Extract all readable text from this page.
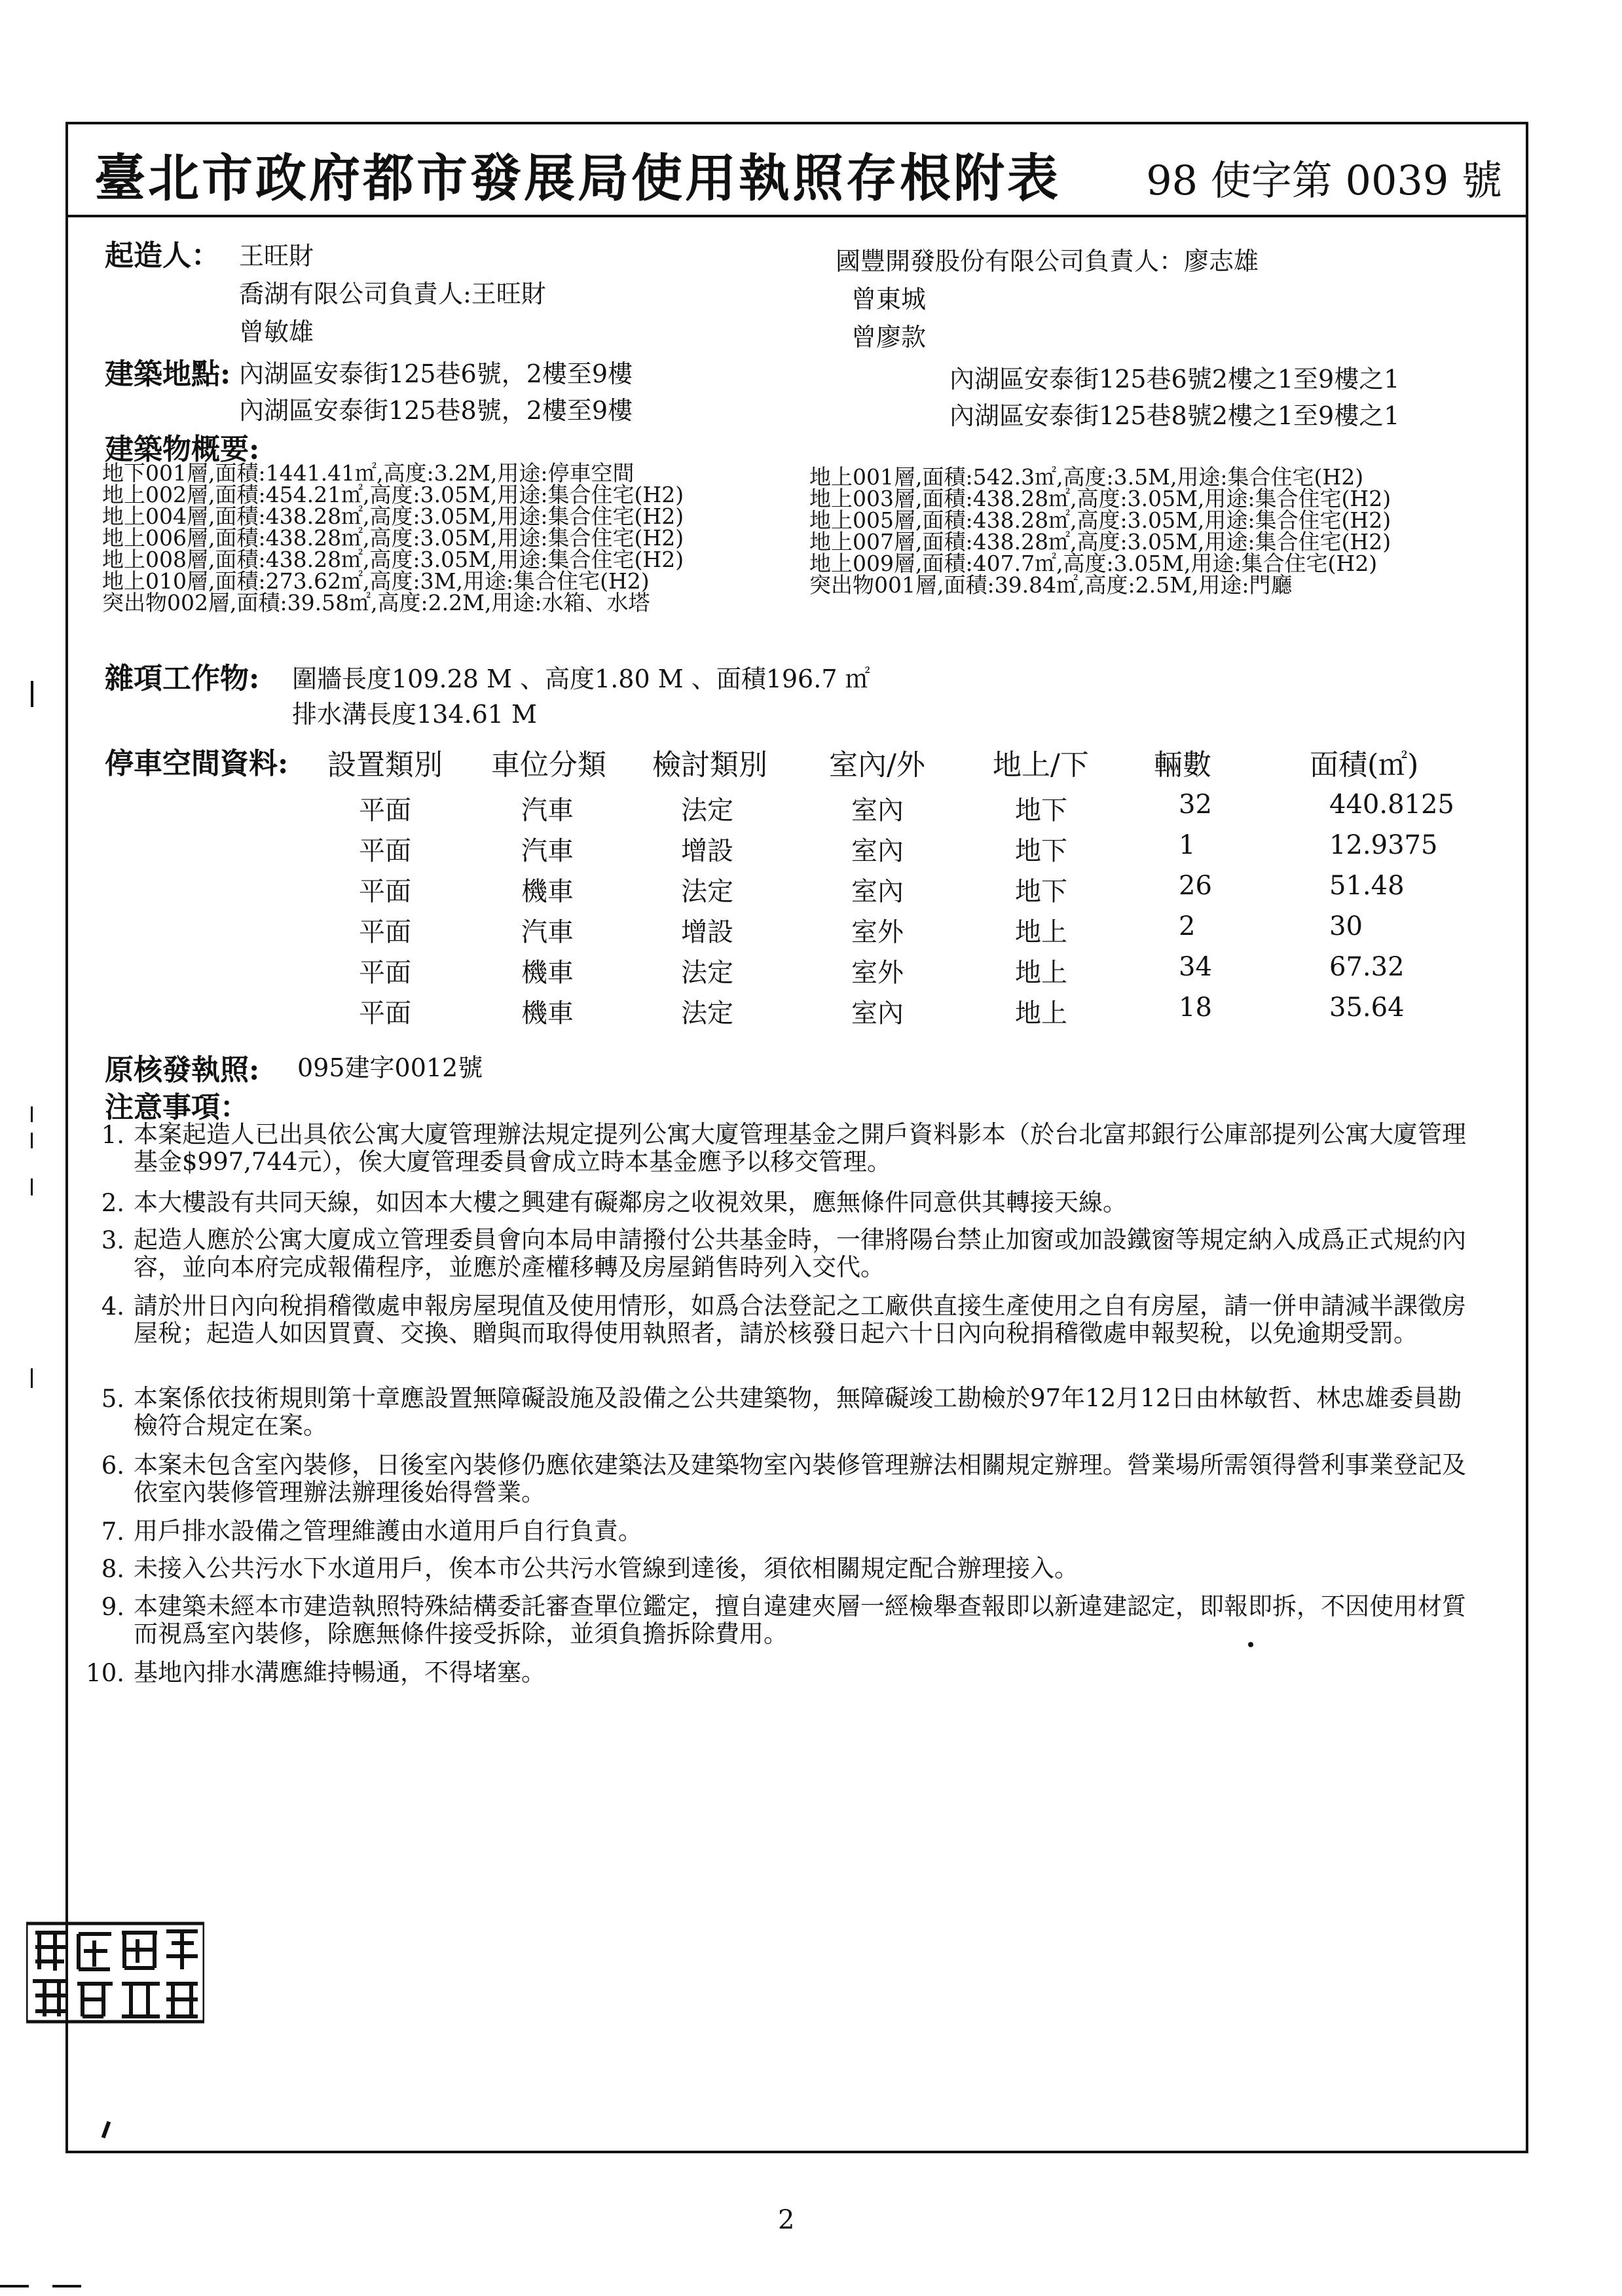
臺北市政府都市發展局使用執照存根附表 98 使字第 0039 號
起造人： 王旺財
喬湖有限公司負責人:王旺財
曾敏雄
國豐開發股份有限公司負責人：廖志雄
曾東城
曾廖款
建築地點: 內湖區安泰街125巷6號，2樓至9樓
內湖區安泰街125巷8號，2樓至9樓
內湖區安泰街125巷6號2樓之1至9樓之1
內湖區安泰街125巷8號2樓之1至9樓之1
建築物概要:
地下001層,面積:1441.41㎡,高度:3.2M,用途:停車空間
地上002層,面積:454.21㎡,高度:3.05M,用途:集合住宅(H2)
地上004層,面積:438.28㎡,高度:3.05M,用途:集合住宅(H2)
地上006層,面積:438.28㎡,高度:3.05M,用途:集合住宅(H2)
地上008層,面積:438.28㎡,高度:3.05M,用途:集合住宅(H2)
地上010層,面積:273.62㎡,高度:3M,用途:集合住宅(H2)
突出物002層,面積:39.58㎡,高度:2.2M,用途:水箱、水塔
地上001層,面積:542.3㎡,高度:3.5M,用途:集合住宅(H2)
地上003層,面積:438.28㎡,高度:3.05M,用途:集合住宅(H2)
地上005層,面積:438.28㎡,高度:3.05M,用途:集合住宅(H2)
地上007層,面積:438.28㎡,高度:3.05M,用途:集合住宅(H2)
地上009層,面積:407.7㎡,高度:3.05M,用途:集合住宅(H2)
突出物001層,面積:39.84㎡,高度:2.5M,用途:門廳
雜項工作物: 圍牆長度109.28 M 、高度1.80 M 、面積196.7 ㎡
排水溝長度134.61 M
停車空間資料: 設置類別 車位分類 檢討類別 室內/外 地上/下 輛數	面積(㎡)
平面	汽車	法定	室內	地下	32	440.8125
平面	汽車	增設	室內	地下	1	12.9375
平面	機車	法定	室內	地下	26	51.48
平面	汽車	增設	室外	地上	2	30
平面	機車	法定	室外	地上	34	67.32
平面	機車	法定	室內	地上	18	35.64
原核發執照: 095建字0012號
注意事項：
1. 本案起造人已出具依公寓大廈管理辦法規定提列公寓大廈管理基金之開戶資料影本（於台北富邦銀行公庫部提列公寓大廈管理基金$997,744元），俟大廈管理委員會成立時本基金應予以移交管理。
2. 本大樓設有共同天線，如因本大樓之興建有礙鄰房之收視效果，應無條件同意供其轉接天線。
3. 起造人應於公寓大廈成立管理委員會向本局申請撥付公共基金時，一律將陽台禁止加窗或加設鐵窗等規定納入成爲正式規約內容，並向本府完成報備程序，並應於產權移轉及房屋銷售時列入交代。
4. 請於卅日內向稅捐稽徵處申報房屋現值及使用情形，如爲合法登記之工廠供直接生產使用之自有房屋，請一併申請減半課徵房屋稅；起造人如因買賣、交換、贈與而取得使用執照者，請於核發日起六十日內向稅捐稽徵處申報契稅，以免逾期受罰。
5. 本案係依技術規則第十章應設置無障礙設施及設備之公共建築物，無障礙竣工勘檢於97年12月12日由林敏哲、林忠雄委員勘檢符合規定在案。
6. 本案未包含室內裝修，日後室內裝修仍應依建築法及建築物室內裝修管理辦法相關規定辦理。營業場所需領得營利事業登記及依室內裝修管理辦法辦理後始得營業。
7. 用戶排水設備之管理維護由水道用戶自行負責。
8. 未接入公共污水下水道用戶，俟本市公共污水管線到達後，須依相關規定配合辦理接入。
9. 本建築未經本市建造執照特殊結構委託審查單位鑑定，擅自違建夾層一經檢舉查報即以新違建認定，即報即拆，不因使用材質而視爲室內裝修，除應無條件接受拆除，並須負擔拆除費用。
10. 基地內排水溝應維持暢通，不得堵塞。
2
